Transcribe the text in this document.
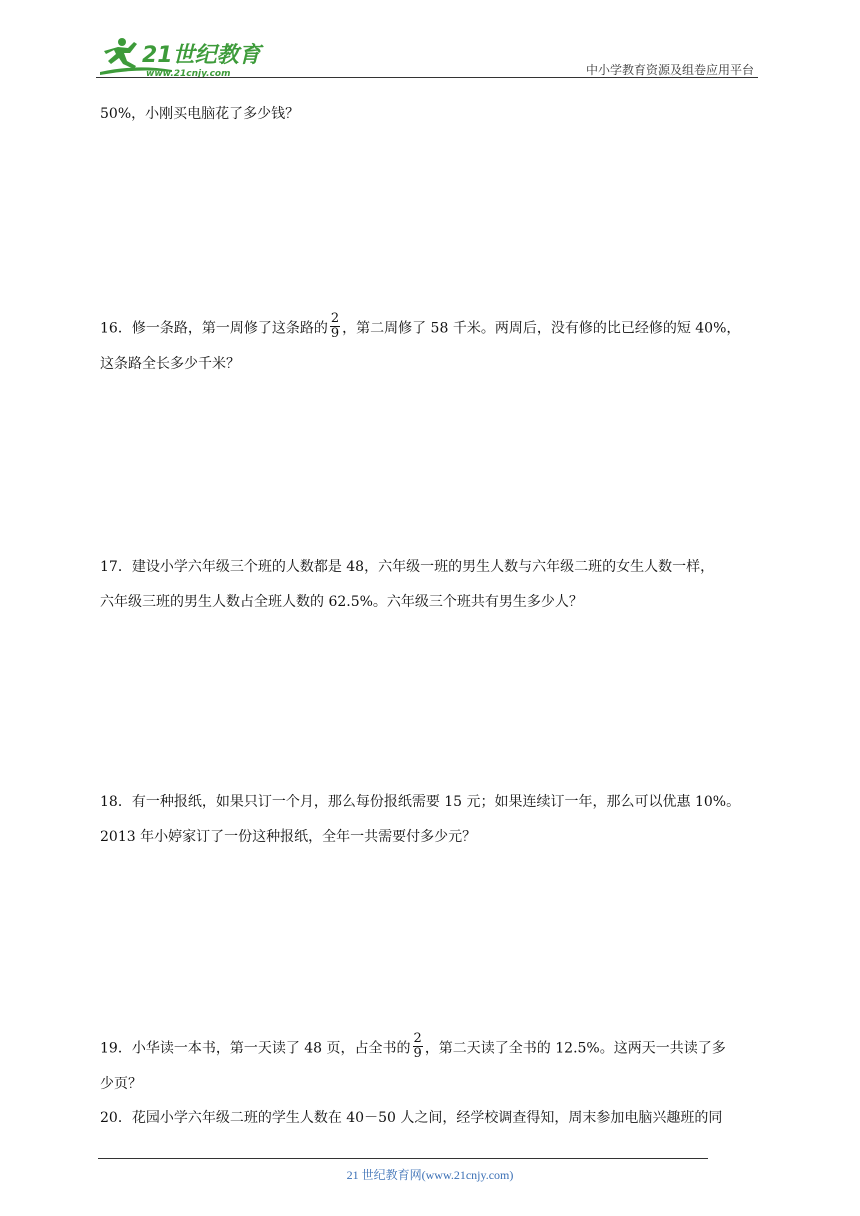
21世纪教育
www.21cnjy.com	中小学教育资源及组卷应用平台
50%，小刚买电脑花了多少钱？
16．修一条路，第一周修了这条路的 $\frac{2}{9}$ ，第二周修了 58 千米。两周后，没有修的比已经修的短 40%，
这条路全长多少千米？
17．建设小学六年级三个班的人数都是 48，六年级一班的男生人数与六年级二班的女生人数一样，
六年级三班的男生人数占全班人数的 62.5%。六年级三个班共有男生多少人？
18．有一种报纸，如果只订一个月，那么每份报纸需要 15 元；如果连续订一年，那么可以优惠 10%。
2013 年小婷家订了一份这种报纸，全年一共需要付多少元？
19．小华读一本书，第一天读了 48 页，占全书的 $\frac{2}{9}$ ，第二天读了全书的 12.5%。这两天一共读了多
少页？
20．花园小学六年级二班的学生人数在 40－50 人之间，经学校调查得知，周末参加电脑兴趣班的同
21 世纪教育网(www.21cnjy.com)
